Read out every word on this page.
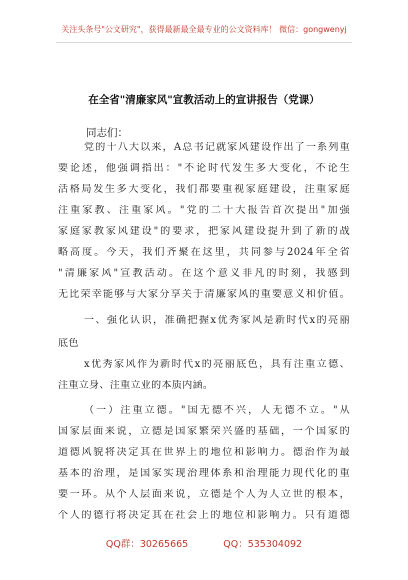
关注头条号"公文研究"，获得最新最全最专业的公文资料库！ 微信：gongwenyj
在全省"清廉家风"宣教活动上的宣讲报告（党课）
同志们：
党的十八大以来，A总书记就家风建设作出了一系列重
要论述，他强调指出："不论时代发生多大变化，不论生
活格局发生多大变化，我们都要重视家庭建设，注重家庭
注重家教、注重家风。"党的二十大报告首次提出"加强
家庭家教家风建设"的要求，把家风建设提升到了新的战
略高度。今天，我们齐聚在这里，共同参与2024年全省
"清廉家风"宣教活动。在这个意义非凡的时刻，我感到
无比荣幸能够与大家分享关于清廉家风的重要意义和价值。
一、强化认识，准确把握x优秀家风是新时代x的亮丽
底色
x优秀家风作为新时代x的亮丽底色，具有注重立德、
注重立身、注重立业的本质内涵。
（一）注重立德。"国无德不兴，人无德不立。"从
国家层面来说，立德是国家繁荣兴盛的基础，一个国家的
道德风貌将决定其在世界上的地位和影响力。德治作为最
基本的治理，是国家实现治理体系和治理能力现代化的重
要一环。从个人层面来说，立德是个人为人立世的根本，
个人的德行将决定其在社会上的地位和影响力。只有道德
QQ群：30265665	QQ：535304092
